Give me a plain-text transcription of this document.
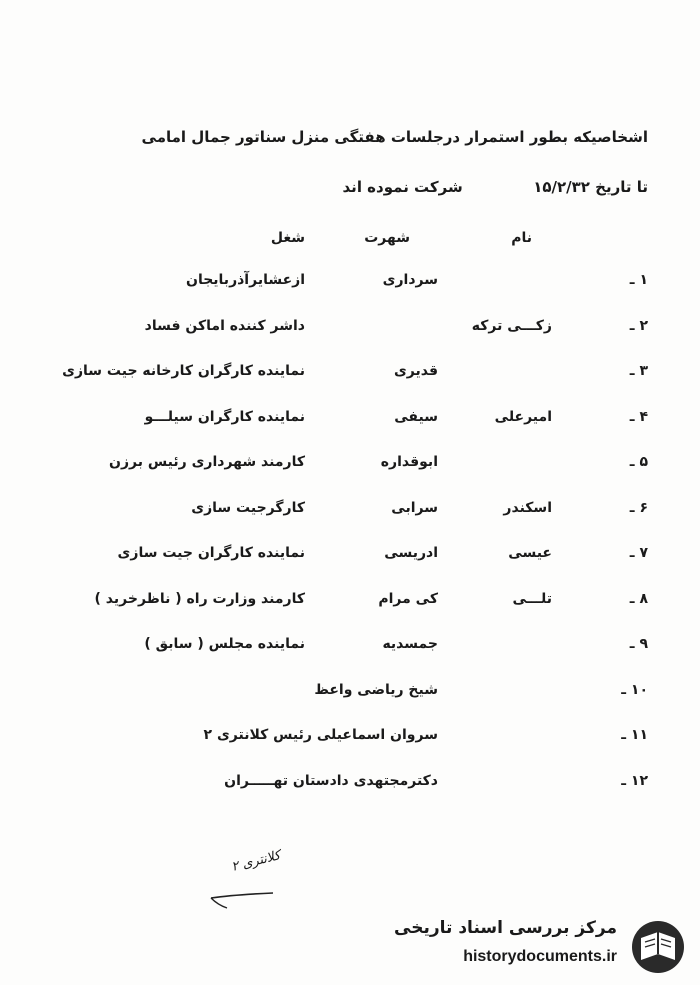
اشخاصیکه بطور استمرار درجلسات هفتگی منزل سناتور جمال امامی
تا تاریخ ۱۵/۲/۳۲  شرکت نموده اند
نام
شهرت
شغل
۱ ـ
سرداری
ازعشایرآذربایجان
۲ ـ
زکـــی ترکه
داشر کننده اماکن فساد
۳ ـ
قدیری
نماینده کارگران کارخانه جیت سازی
۴ ـ
امیرعلی
سیفی
نماینده کارگران سیلـــو
۵ ـ
ابوقداره
کارمند شهرداری رئیس برزن
۶ ـ
اسکندر
سرابی
کارگرجیت سازی
۷ ـ
عیسی
ادریسی
نماینده کارگران جیت سازی
۸ ـ
تلـــی
کی مرام
کارمند وزارت راه ( ناظرخرید )
۹ ـ
جمسدیه
نماینده مجلس ( سابق )
۱۰ ـ
شیخ ریاضی واعظ
۱۱ ـ
سروان اسماعیلی رئیس کلانتری ۲
۱۲ ـ
دکترمجتهدی دادستان تهـــــران
کلانتری ۲
مرکز بررسی اسناد تاریخی
historydocuments.ir
